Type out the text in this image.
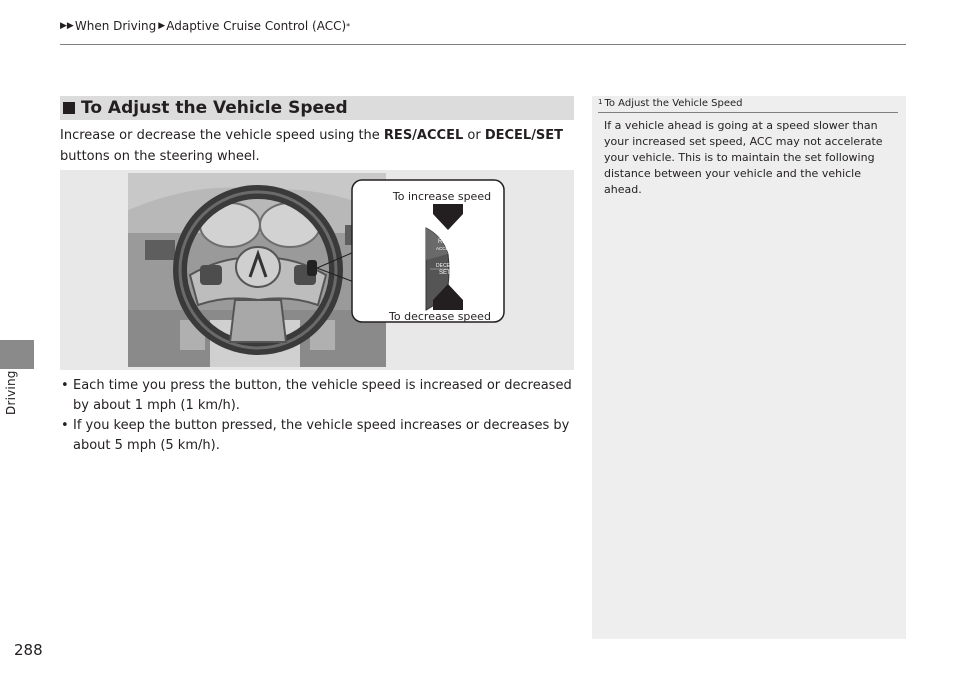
▶▶ When Driving ▶ Adaptive Cruise Control (ACC) *
Driving
288
To Adjust the Vehicle Speed
Increase or decrease the vehicle speed using the RES/ACCEL or DECEL/SET buttons on the steering wheel.
RES
ACCEL
DECEL
SET
To increase speed
To decrease speed
• Each time you press the button, the vehicle speed is increased or decreased by about 1 mph (1 km/h).
• If you keep the button pressed, the vehicle speed increases or decreases by about 5 mph (5 km/h).
1 To Adjust the Vehicle Speed
If a vehicle ahead is going at a speed slower than your increased set speed, ACC may not accelerate your vehicle. This is to maintain the set following distance between your vehicle and the vehicle ahead.
